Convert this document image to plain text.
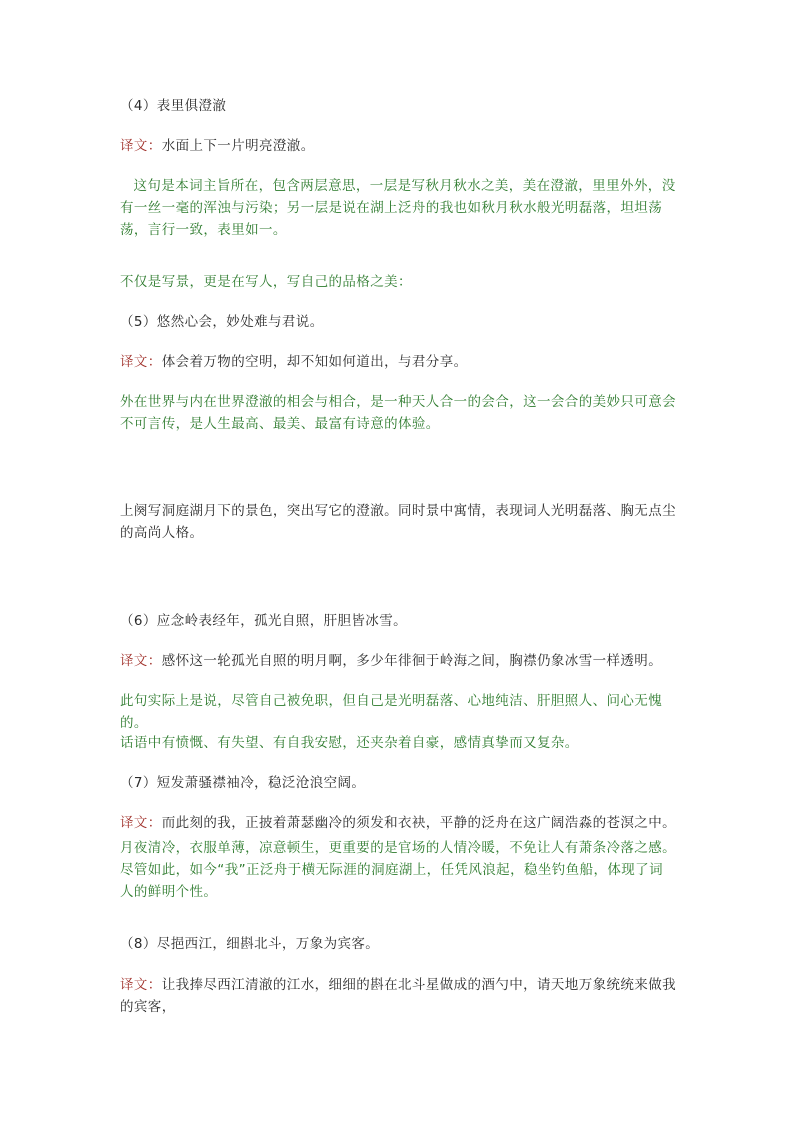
（4）表里俱澄澈

译文：水面上下一片明亮澄澈。

这句是本词主旨所在，包含两层意思，一层是写秋月秋水之美，美在澄澈，里里外外，没有一丝一毫的浑浊与污染；另一层是说在湖上泛舟的我也如秋月秋水般光明磊落，坦坦荡荡，言行一致，表里如一。

不仅是写景，更是在写人，写自己的品格之美：

（5）悠然心会，妙处难与君说。

译文：体会着万物的空明，却不知如何道出，与君分享。

外在世界与内在世界澄澈的相会与相合，是一种天人合一的会合，这一会合的美妙只可意会不可言传，是人生最高、最美、最富有诗意的体验。

上阕写洞庭湖月下的景色，突出写它的澄澈。同时景中寓情，表现词人光明磊落、胸无点尘的高尚人格。

（6）应念岭表经年，孤光自照，肝胆皆冰雪。

译文：感怀这一轮孤光自照的明月啊，多少年徘徊于岭海之间，胸襟仍象冰雪一样透明。

此句实际上是说，尽管自己被免职，但自己是光明磊落、心地纯洁、肝胆照人、问心无愧的。

话语中有愤慨、有失望、有自我安慰，还夹杂着自豪，感情真挚而又复杂。

（7）短发萧骚襟袖冷，稳泛沧浪空阔。

译文：而此刻的我，正披着萧瑟幽冷的须发和衣袂，平静的泛舟在这广阔浩淼的苍溟之中。

月夜清冷，衣服单薄，凉意顿生，更重要的是官场的人情冷暖，不免让人有萧条冷落之感。尽管如此，如今“我”正泛舟于横无际涯的洞庭湖上，任凭风浪起，稳坐钓鱼船，体现了词人的鲜明个性。

（8）尽挹西江，细斟北斗，万象为宾客。

译文：让我捧尽西江清澈的江水，细细的斟在北斗星做成的酒勺中，请天地万象统统来做我的宾客，
